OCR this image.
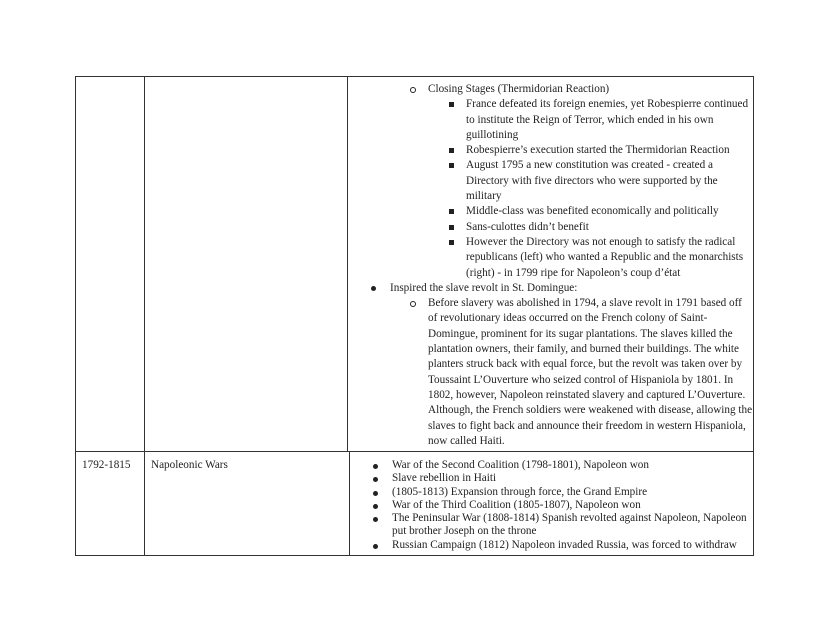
Closing Stages (Thermidorian Reaction)
France defeated its foreign enemies, yet Robespierre continued to institute the Reign of Terror, which ended in his own guillotining
Robespierre’s execution started the Thermidorian Reaction
August 1795 a new constitution was created - created a Directory with five directors who were supported by the military
Middle-class was benefited economically and politically
Sans-culottes didn’t benefit
However the Directory was not enough to satisfy the radical republicans (left) who wanted a Republic and the monarchists (right) - in 1799 ripe for Napoleon’s coup d’état
Inspired the slave revolt in St. Domingue:
Before slavery was abolished in 1794, a slave revolt in 1791 based off of revolutionary ideas occurred on the French colony of Saint-Domingue, prominent for its sugar plantations. The slaves killed the plantation owners, their family, and burned their buildings. The white planters struck back with equal force, but the revolt was taken over by Toussaint L’Ouverture who seized control of Hispaniola by 1801. In 1802, however, Napoleon reinstated slavery and captured L’Ouverture. Although, the French soldiers were weakened with disease, allowing the slaves to fight back and announce their freedom in western Hispaniola, now called Haiti.
1792-1815	Napoleonic Wars	War of the Second Coalition (1798-1801), Napoleon won
Slave rebellion in Haiti
(1805-1813) Expansion through force, the Grand Empire
War of the Third Coalition (1805-1807), Napoleon won
The Peninsular War (1808-1814) Spanish revolted against Napoleon, Napoleon put brother Joseph on the throne
Russian Campaign (1812) Napoleon invaded Russia, was forced to withdraw
